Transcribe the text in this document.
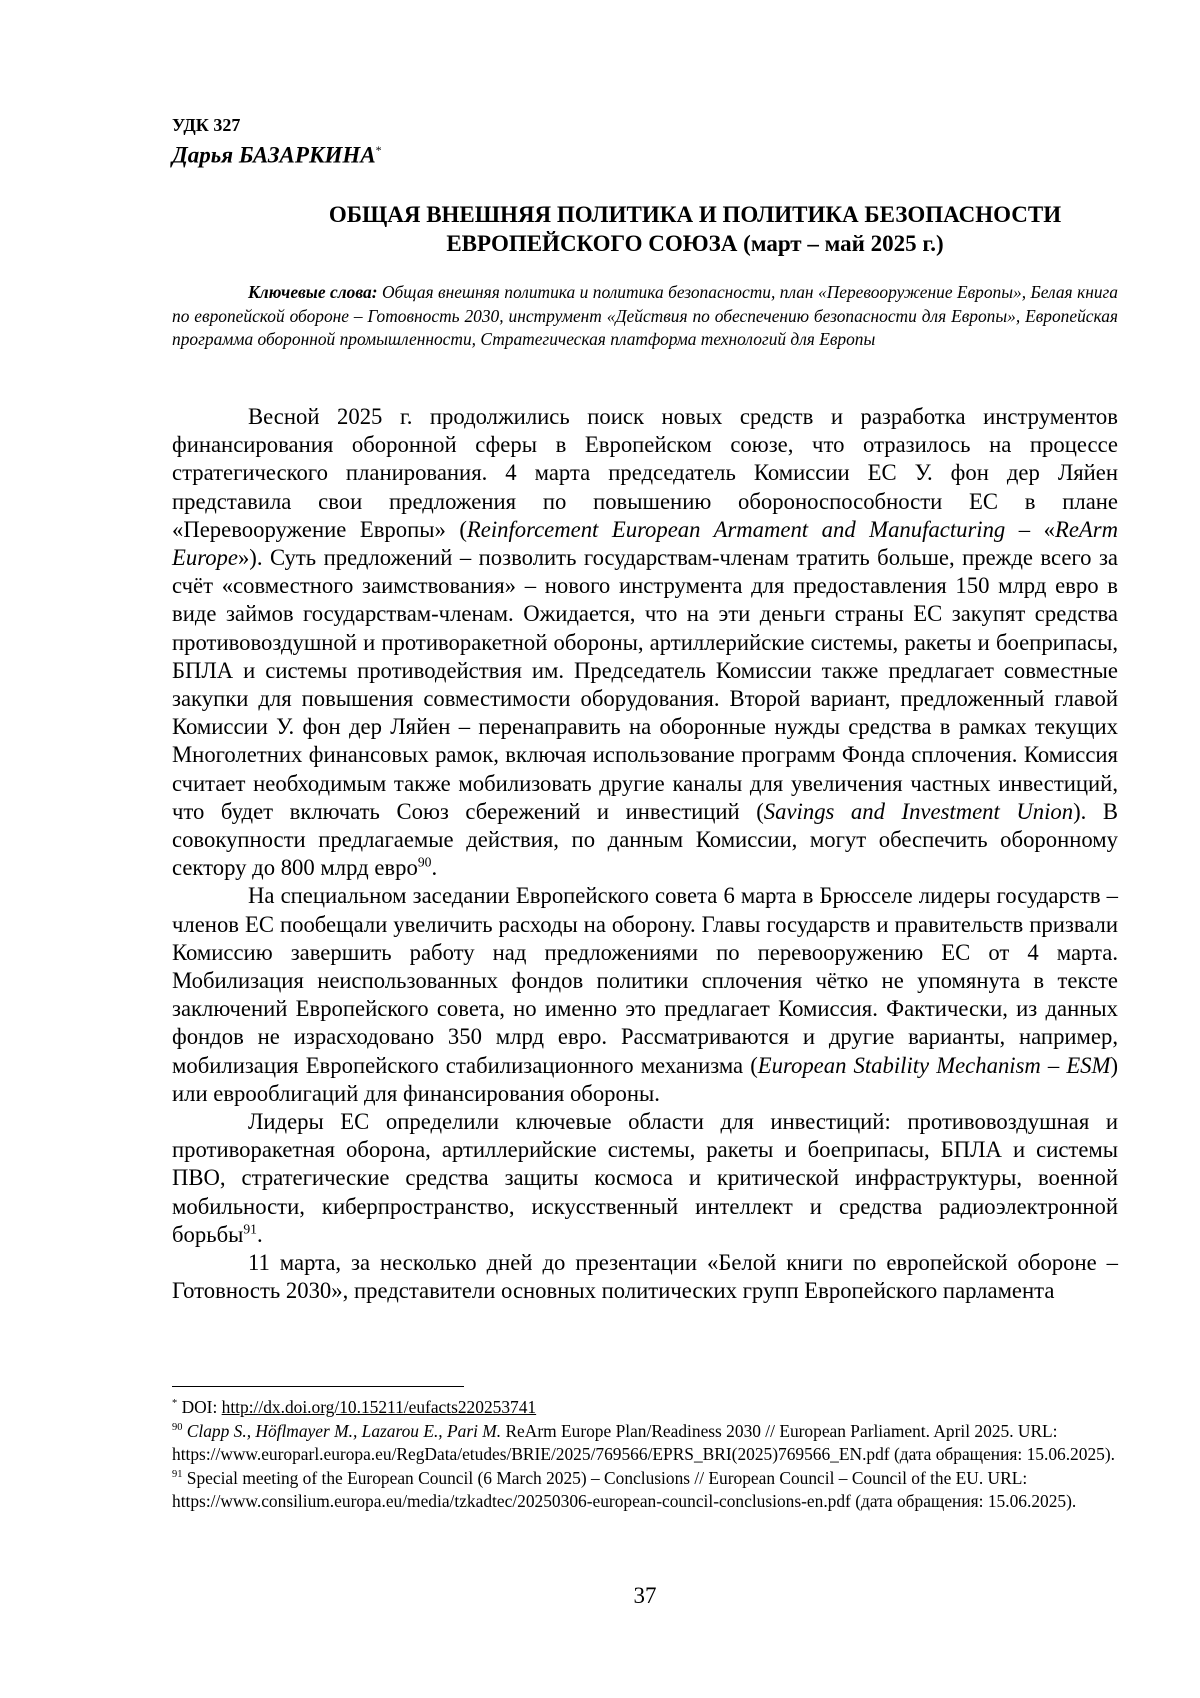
УДК 327
Дарья БАЗАРКИНА*
ОБЩАЯ ВНЕШНЯЯ ПОЛИТИКА И ПОЛИТИКА БЕЗОПАСНОСТИ
ЕВРОПЕЙСКОГО СОЮЗА (март – май 2025 г.)
Ключевые слова: Общая внешняя политика и политика безопасности, план «Перевооружение Европы», Белая книга по европейской обороне – Готовность 2030, инструмент «Действия по обеспечению безопасности для Европы», Европейская программа оборонной промышленности, Стратегическая платформа технологий для Европы

Весной 2025 г. продолжились поиск новых средств и разработка инструментов финансирования оборонной сферы в Европейском союзе, что отразилось на процессе стратегического планирования. 4 марта председатель Комиссии ЕС У. фон дер Ляйен представила свои предложения по повышению обороноспособности ЕС в плане «Перевооружение Европы» (Reinforcement European Armament and Manufacturing – «ReArm Europe»). Суть предложений – позволить государствам-членам тратить больше, прежде всего за счёт «совместного заимствования» – нового инструмента для предоставления 150 млрд евро в виде займов государствам-членам. Ожидается, что на эти деньги страны ЕС закупят средства противовоздушной и противоракетной обороны, артиллерийские системы, ракеты и боеприпасы, БПЛА и системы противодействия им. Председатель Комиссии также предлагает совместные закупки для повышения совместимости оборудования. Второй вариант, предложенный главой Комиссии У. фон дер Ляйен – перенаправить на оборонные нужды средства в рамках текущих Многолетних финансовых рамок, включая использование программ Фонда сплочения. Комиссия считает необходимым также мобилизовать другие каналы для увеличения частных инвестиций, что будет включать Союз сбережений и инвестиций (Savings and Investment Union). В совокупности предлагаемые действия, по данным Комиссии, могут обеспечить оборонному сектору до 800 млрд евро$^{90}$.

На специальном заседании Европейского совета 6 марта в Брюсселе лидеры государств – членов ЕС пообещали увеличить расходы на оборону. Главы государств и правительств призвали Комиссию завершить работу над предложениями по перевооружению ЕС от 4 марта. Мобилизация неиспользованных фондов политики сплочения чётко не упомянута в тексте заключений Европейского совета, но именно это предлагает Комиссия. Фактически, из данных фондов не израсходовано 350 млрд евро. Рассматриваются и другие варианты, например, мобилизация Европейского стабилизационного механизма (European Stability Mechanism – ESM) или еврооблигаций для финансирования обороны.

Лидеры ЕС определили ключевые области для инвестиций: противовоздушная и противоракетная оборона, артиллерийские системы, ракеты и боеприпасы, БПЛА и системы ПВО, стратегические средства защиты космоса и критической инфраструктуры, военной мобильности, киберпространство, искусственный интеллект и средства радиоэлектронной борьбы$^{91}$.

11 марта, за несколько дней до презентации «Белой книги по европейской обороне – Готовность 2030», представители основных политических групп Европейского парламента

* DOI: http://dx.doi.org/10.15211/eufacts220253741

$^{90}$ Clapp S., Höflmayer M., Lazarou E., Pari M. ReArm Europe Plan/Readiness 2030 // European Parliament. April 2025. URL: https://www.europarl.europa.eu/RegData/etudes/BRIE/2025/769566/EPRS_BRI(2025)769566_EN.pdf (дата обращения: 15.06.2025).

$^{91}$ Special meeting of the European Council (6 March 2025) – Conclusions // European Council – Council of the EU. URL: https://www.consilium.europa.eu/media/tzkadtec/20250306-european-council-conclusions-en.pdf (дата обращения: 15.06.2025).

37
